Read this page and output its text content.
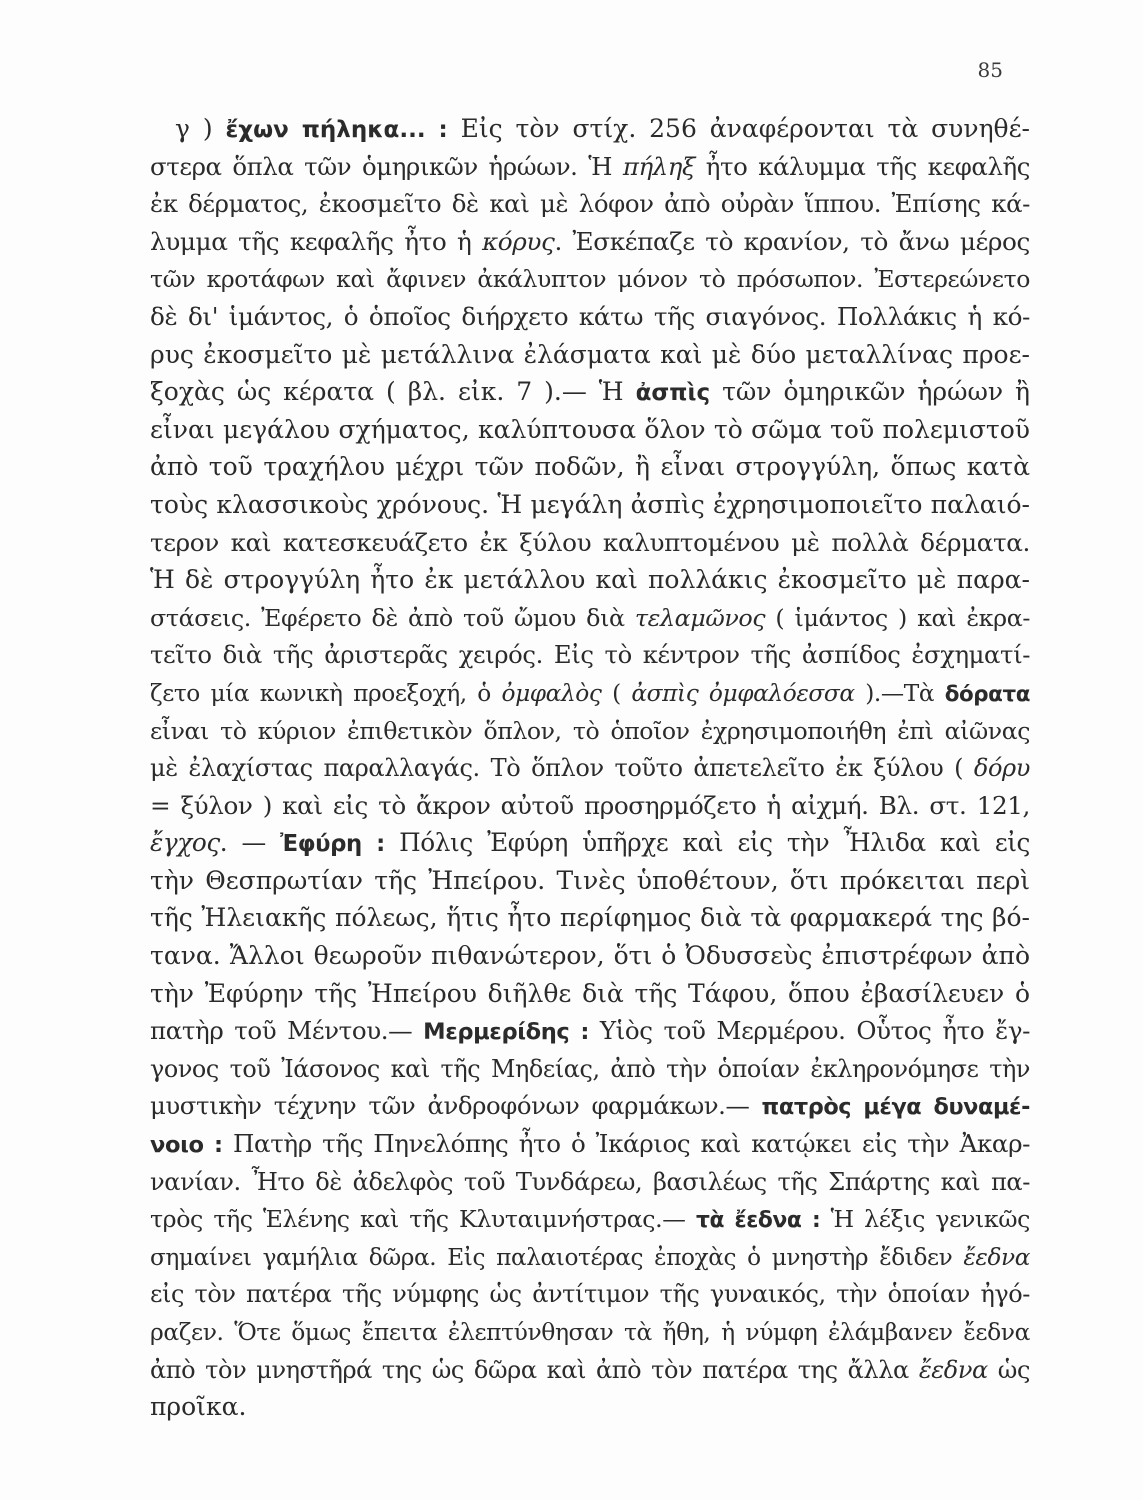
85
γ ) ἔχων πήληκα... : Εἰς τὸν στίχ. 256 ἀναφέρονται τὰ συνηθέ-
στερα ὅπλα τῶν ὁμηρικῶν ἡρώων. Ἡ πήληξ ἦτο κάλυμμα τῆς κεφαλῆς
ἐκ δέρματος, ἐκοσμεῖτο δὲ καὶ μὲ λόφον ἀπὸ οὐρὰν ἵππου. Ἐπίσης κά-
λυμμα τῆς κεφαλῆς ἦτο ἡ κόρυς. Ἐσκέπαζε τὸ κρανίον, τὸ ἄνω μέρος
τῶν κροτάφων καὶ ἄφινεν ἀκάλυπτον μόνον τὸ πρόσωπον. Ἐστερεώνετο
δὲ δι' ἱμάντος, ὁ ὁποῖος διήρχετο κάτω τῆς σιαγόνος. Πολλάκις ἡ κό-
ρυς ἐκοσμεῖτο μὲ μετάλλινα ἐλάσματα καὶ μὲ δύο μεταλλίνας προε-
ξοχὰς ὡς κέρατα ( βλ. εἰκ. 7 ).— Ἡ ἀσπὶς τῶν ὁμηρικῶν ἡρώων ἢ
εἶναι μεγάλου σχήματος, καλύπτουσα ὅλον τὸ σῶμα τοῦ πολεμιστοῦ
ἀπὸ τοῦ τραχήλου μέχρι τῶν ποδῶν, ἢ εἶναι στρογγύλη, ὅπως κατὰ
τοὺς κλασσικοὺς χρόνους. Ἡ μεγάλη ἀσπὶς ἐχρησιμοποιεῖτο παλαιό-
τερον καὶ κατεσκευάζετο ἐκ ξύλου καλυπτομένου μὲ πολλὰ δέρματα.
Ἡ δὲ στρογγύλη ἦτο ἐκ μετάλλου καὶ πολλάκις ἐκοσμεῖτο μὲ παρα-
στάσεις. Ἐφέρετο δὲ ἀπὸ τοῦ ὤμου διὰ τελαμῶνος ( ἱμάντος ) καὶ ἐκρα-
τεῖτο διὰ τῆς ἀριστερᾶς χειρός. Εἰς τὸ κέντρον τῆς ἀσπίδος ἐσχηματί-
ζετο μία κωνικὴ προεξοχή, ὁ ὀμφαλὸς ( ἀσπὶς ὀμφαλόεσσα ).—Τὰ δόρατα
εἶναι τὸ κύριον ἐπιθετικὸν ὅπλον, τὸ ὁποῖον ἐχρησιμοποιήθη ἐπὶ αἰῶνας
μὲ ἐλαχίστας παραλλαγάς. Τὸ ὅπλον τοῦτο ἀπετελεῖτο ἐκ ξύλου ( δόρυ
= ξύλον ) καὶ εἰς τὸ ἄκρον αὐτοῦ προσηρμόζετο ἡ αἰχμή. Βλ. στ. 121,
ἔγχος. — Ἐφύρη : Πόλις Ἐφύρη ὑπῆρχε καὶ εἰς τὴν Ἦλιδα καὶ εἰς
τὴν Θεσπρωτίαν τῆς Ἠπείρου. Τινὲς ὑποθέτουν, ὅτι πρόκειται περὶ
τῆς Ἠλειακῆς πόλεως, ἥτις ἦτο περίφημος διὰ τὰ φαρμακερά της βό-
τανα. Ἄλλοι θεωροῦν πιθανώτερον, ὅτι ὁ Ὀδυσσεὺς ἐπιστρέφων ἀπὸ
τὴν Ἐφύρην τῆς Ἠπείρου διῆλθε διὰ τῆς Τάφου, ὅπου ἐβασίλευεν ὁ
πατὴρ τοῦ Μέντου.— Μερμερίδης : Υἱὸς τοῦ Μερμέρου. Οὗτος ἦτο ἔγ-
γονος τοῦ Ἰάσονος καὶ τῆς Μηδείας, ἀπὸ τὴν ὁποίαν ἐκληρονόμησε τὴν
μυστικὴν τέχνην τῶν ἀνδροφόνων φαρμάκων.— πατρὸς μέγα δυναμέ-
νοιο : Πατὴρ τῆς Πηνελόπης ἦτο ὁ Ἰκάριος καὶ κατῴκει εἰς τὴν Ἀκαρ-
νανίαν. Ἦτο δὲ ἀδελφὸς τοῦ Τυνδάρεω, βασιλέως τῆς Σπάρτης καὶ πα-
τρὸς τῆς Ἑλένης καὶ τῆς Κλυταιμνήστρας.— τὰ ἔεδνα : Ἡ λέξις γενικῶς
σημαίνει γαμήλια δῶρα. Εἰς παλαιοτέρας ἐποχὰς ὁ μνηστὴρ ἔδιδεν ἔεδνα
εἰς τὸν πατέρα τῆς νύμφης ὡς ἀντίτιμον τῆς γυναικός, τὴν ὁποίαν ἠγό-
ραζεν. Ὅτε ὅμως ἔπειτα ἐλεπτύνθησαν τὰ ἤθη, ἡ νύμφη ἐλάμβανεν ἔεδνα
ἀπὸ τὸν μνηστῆρά της ὡς δῶρα καὶ ἀπὸ τὸν πατέρα της ἄλλα ἔεδνα ὡς
προῖκα.
